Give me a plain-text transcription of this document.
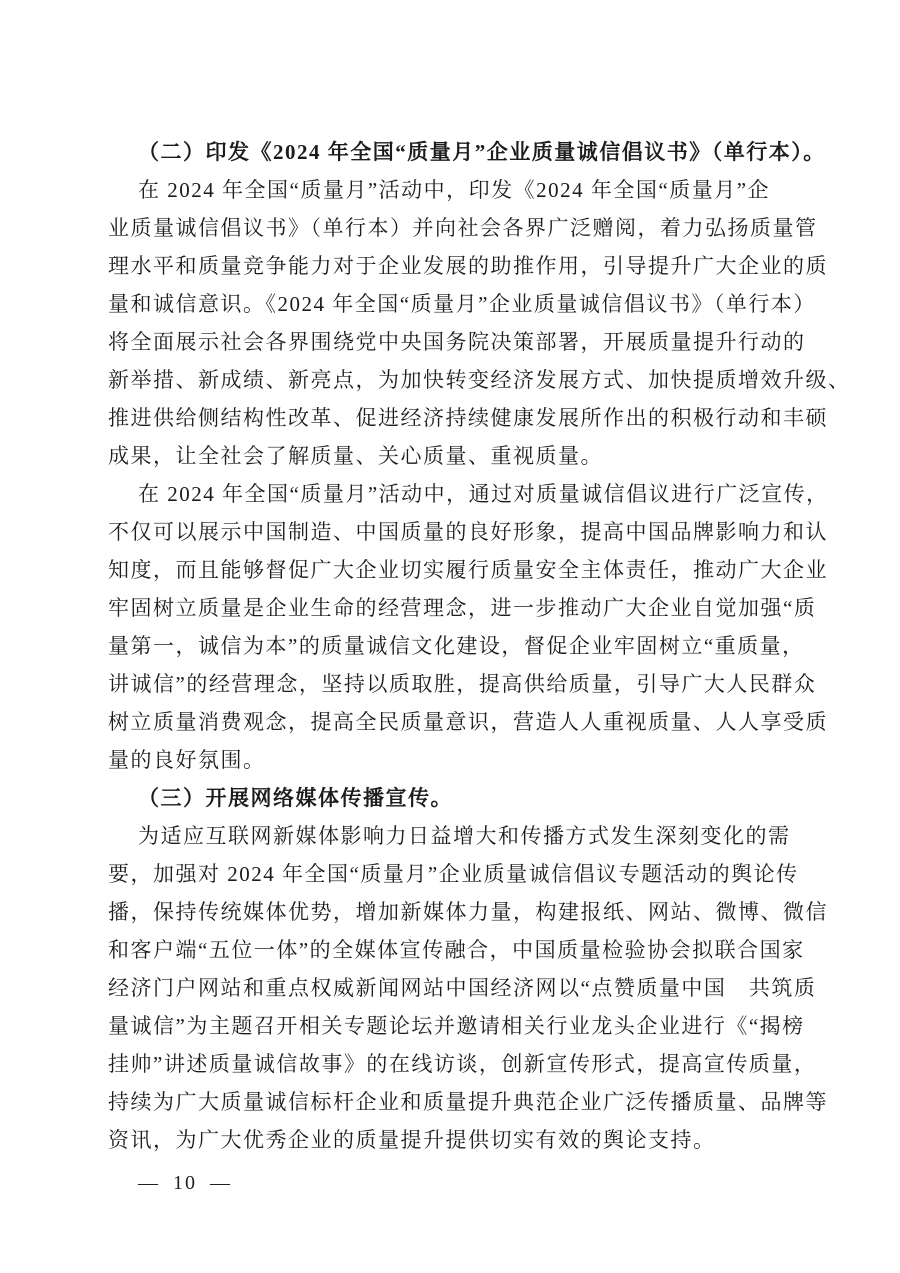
（二）印发《2024 年全国“质量月”企业质量诚信倡议书》（单行本）。
在 2024 年全国“质量月”活动中，印发《2024 年全国“质量月”企
业质量诚信倡议书》（单行本）并向社会各界广泛赠阅，着力弘扬质量管
理水平和质量竞争能力对于企业发展的助推作用，引导提升广大企业的质
量和诚信意识。《2024 年全国“质量月”企业质量诚信倡议书》（单行本）
将全面展示社会各界围绕党中央国务院决策部署，开展质量提升行动的
新举措、新成绩、新亮点，为加快转变经济发展方式、加快提质增效升级、
推进供给侧结构性改革、促进经济持续健康发展所作出的积极行动和丰硕
成果，让全社会了解质量、关心质量、重视质量。
在 2024 年全国“质量月”活动中，通过对质量诚信倡议进行广泛宣传，
不仅可以展示中国制造、中国质量的良好形象，提高中国品牌影响力和认
知度，而且能够督促广大企业切实履行质量安全主体责任，推动广大企业
牢固树立质量是企业生命的经营理念，进一步推动广大企业自觉加强“质
量第一，诚信为本”的质量诚信文化建设，督促企业牢固树立“重质量，
讲诚信”的经营理念，坚持以质取胜，提高供给质量，引导广大人民群众
树立质量消费观念，提高全民质量意识，营造人人重视质量、人人享受质
量的良好氛围。
（三）开展网络媒体传播宣传。
为适应互联网新媒体影响力日益增大和传播方式发生深刻变化的需
要，加强对 2024 年全国“质量月”企业质量诚信倡议专题活动的舆论传
播，保持传统媒体优势，增加新媒体力量，构建报纸、网站、微博、微信
和客户端“五位一体”的全媒体宣传融合，中国质量检验协会拟联合国家
经济门户网站和重点权威新闻网站中国经济网以“点赞质量中国　共筑质
量诚信”为主题召开相关专题论坛并邀请相关行业龙头企业进行《“揭榜
挂帅”讲述质量诚信故事》的在线访谈，创新宣传形式，提高宣传质量，
持续为广大质量诚信标杆企业和质量提升典范企业广泛传播质量、品牌等
资讯，为广大优秀企业的质量提升提供切实有效的舆论支持。
— 10 —
